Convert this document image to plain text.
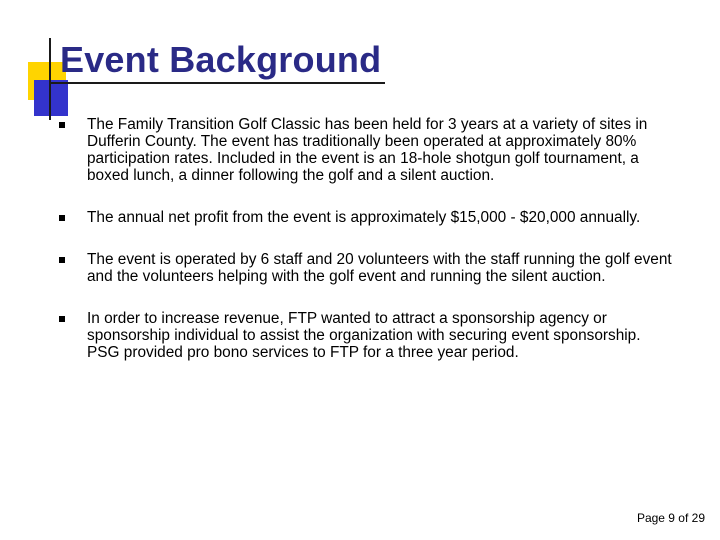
Event Background
The Family Transition Golf Classic has been held for 3 years at a variety of sites in Dufferin County. The event has traditionally been operated at approximately 80% participation rates. Included in the event is an 18-hole shotgun golf tournament, a boxed lunch, a dinner following the golf and a silent auction.
The annual net profit from the event is approximately $15,000 - $20,000 annually.
The event is operated by 6 staff and 20 volunteers with the staff running the golf event and the volunteers helping with the golf event and running the silent auction.
In order to increase revenue, FTP wanted to attract a sponsorship agency or sponsorship individual to assist the organization with securing event sponsorship. PSG provided pro bono services to FTP for a three year period.
Page 9 of 29
